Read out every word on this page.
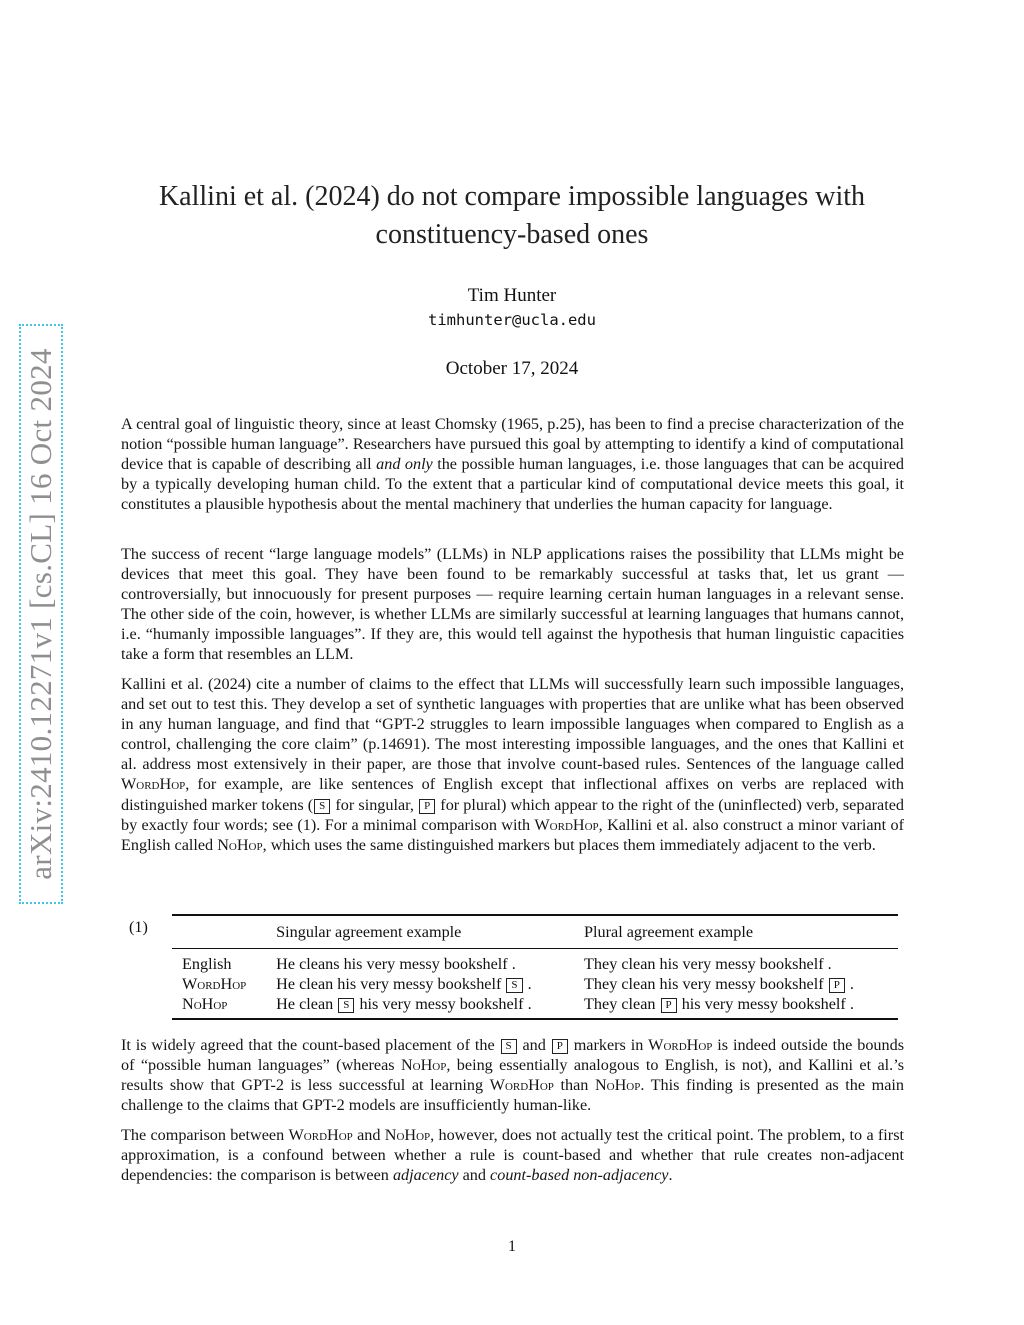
arXiv:2410.12271v1 [cs.CL] 16 Oct 2024
Kallini et al. (2024) do not compare impossible languages with
constituency-based ones
Tim Hunter
timhunter@ucla.edu
October 17, 2024
A central goal of linguistic theory, since at least Chomsky (1965, p.25), has been to find a precise characterization of the notion “possible human language”. Researchers have pursued this goal by attempting to identify a kind of computational device that is capable of describing all and only the possible human languages, i.e. those languages that can be acquired by a typically developing human child. To the extent that a particular kind of computational device meets this goal, it constitutes a plausible hypothesis about the mental machinery that underlies the human capacity for language.
The success of recent “large language models” (LLMs) in NLP applications raises the possibility that LLMs might be devices that meet this goal. They have been found to be remarkably successful at tasks that, let us grant — controversially, but innocuously for present purposes — require learning certain human languages in a relevant sense. The other side of the coin, however, is whether LLMs are similarly successful at learning languages that humans cannot, i.e. “humanly impossible languages”. If they are, this would tell against the hypothesis that human linguistic capacities take a form that resembles an LLM.
Kallini et al. (2024) cite a number of claims to the effect that LLMs will successfully learn such impossible languages, and set out to test this. They develop a set of synthetic languages with properties that are unlike what has been observed in any human language, and find that “GPT-2 struggles to learn impossible languages when compared to English as a control, challenging the core claim” (p.14691). The most interesting impossible languages, and the ones that Kallini et al. address most extensively in their paper, are those that involve count-based rules. Sentences of the language called WordHop, for example, are like sentences of English except that inflectional affixes on verbs are replaced with distinguished marker tokens ( S for singular, P for plural) which appear to the right of the (uninflected) verb, separated by exactly four words; see (1). For a minimal comparison with WordHop, Kallini et al. also construct a minor variant of English called NoHop, which uses the same distinguished markers but places them immediately adjacent to the verb.
(1)
		Singular agreement example	Plural agreement example
English	He cleans his very messy bookshelf .	They clean his very messy bookshelf .
WordHop	He clean his very messy bookshelf S .	They clean his very messy bookshelf P .
NoHop	He clean S his very messy bookshelf .	They clean P his very messy bookshelf .
It is widely agreed that the count-based placement of the S and P markers in WordHop is indeed outside the bounds of “possible human languages” (whereas NoHop, being essentially analogous to English, is not), and Kallini et al.’s results show that GPT-2 is less successful at learning WordHop than NoHop. This finding is presented as the main challenge to the claims that GPT-2 models are insufficiently human-like.
The comparison between WordHop and NoHop, however, does not actually test the critical point. The problem, to a first approximation, is a confound between whether a rule is count-based and whether that rule creates non-adjacent dependencies: the comparison is between adjacency and count-based non-adjacency.
1
